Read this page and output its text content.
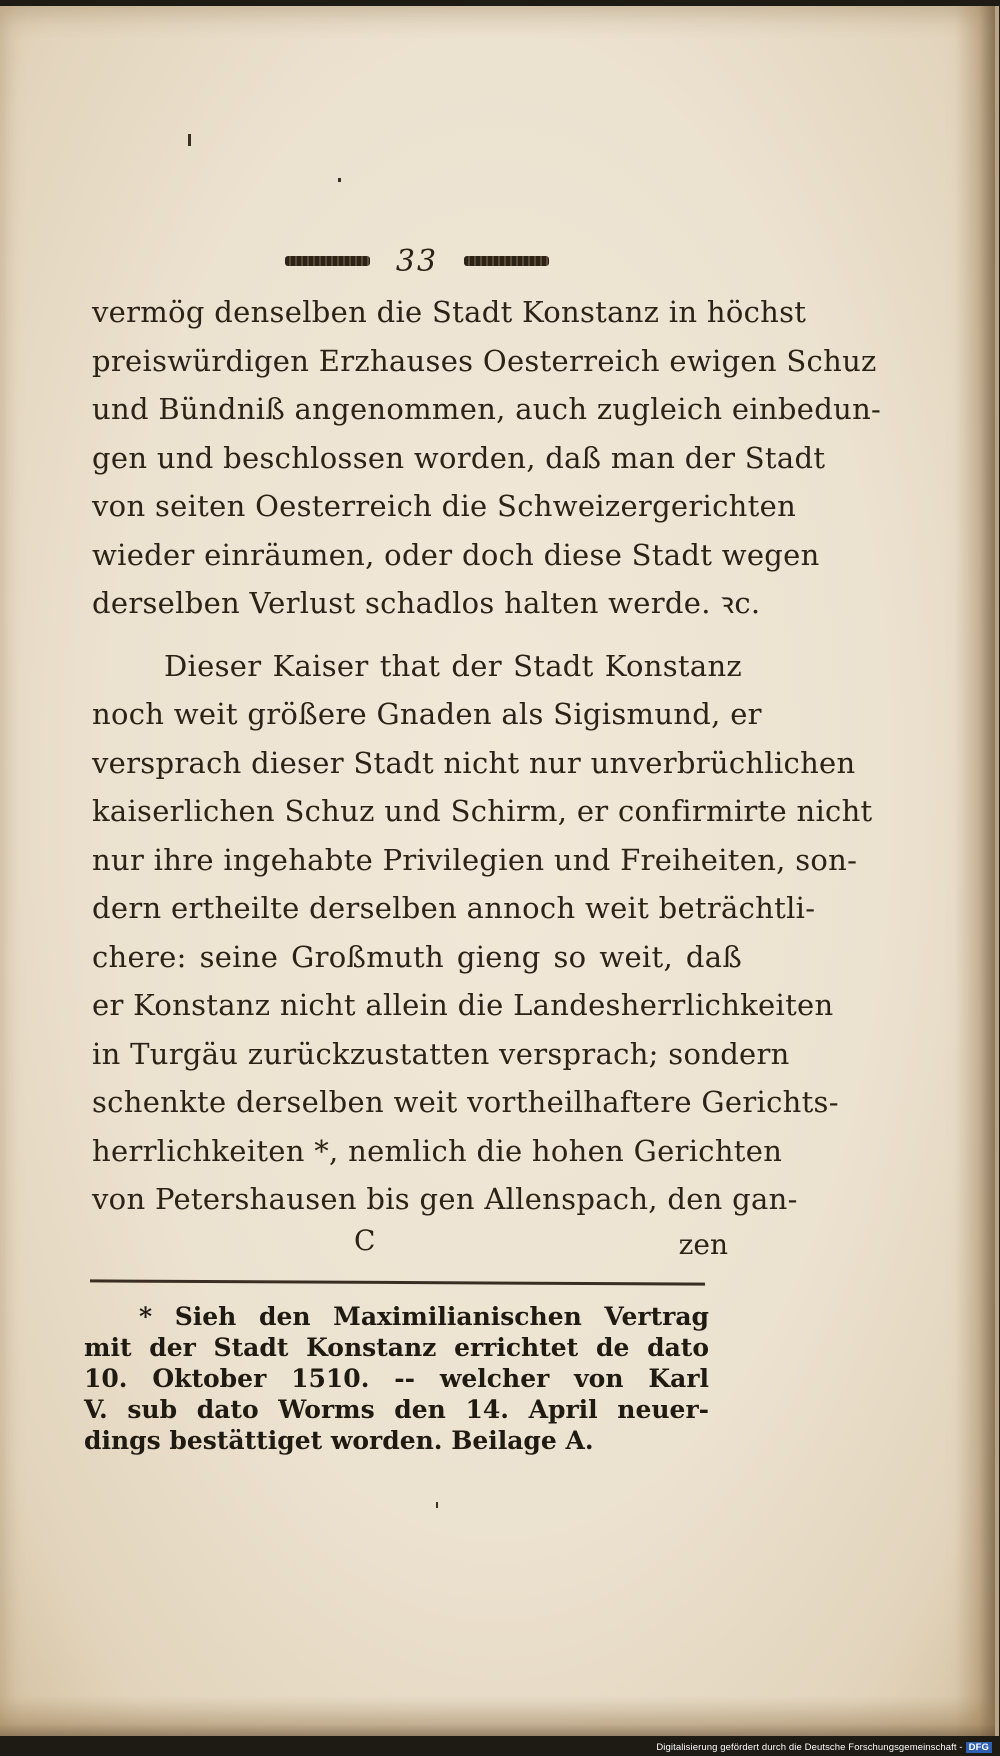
33
vermög denselben die Stadt Konstanz in höchst
preiswürdigen Erzhauses Oesterreich ewigen Schuz
und Bündniß angenommen, auch zugleich einbedun-
gen und beschlossen worden, daß man der Stadt
von seiten Oesterreich die Schweizergerichten
wieder einräumen, oder doch diese Stadt wegen
derselben Verlust schadlos halten werde. ꝛc.
Dieser Kaiser that der Stadt Konstanz
noch weit größere Gnaden als Sigismund, er
versprach dieser Stadt nicht nur unverbrüchlichen
kaiserlichen Schuz und Schirm, er confirmirte nicht
nur ihre ingehabte Privilegien und Freiheiten, son-
dern ertheilte derselben annoch weit beträchtli-
chere: seine Großmuth gieng so weit, daß
er Konstanz nicht allein die Landesherrlichkeiten
in Turgäu zurückzustatten versprach; sondern
schenkte derselben weit vortheilhaftere Gerichts-
herrlichkeiten *, nemlich die hohen Gerichten
von Petershausen bis gen Allenspach, den gan-
C	zen
* Sieh den Maximilianischen Vertrag
mit der Stadt Konstanz errichtet de dato
10. Oktober 1510. -- welcher von Karl
V. sub dato Worms den 14. April neuer-
dings bestättiget worden. Beilage A.
Digitalisierung gefördert durch die Deutsche Forschungsgemeinschaft - DFG
